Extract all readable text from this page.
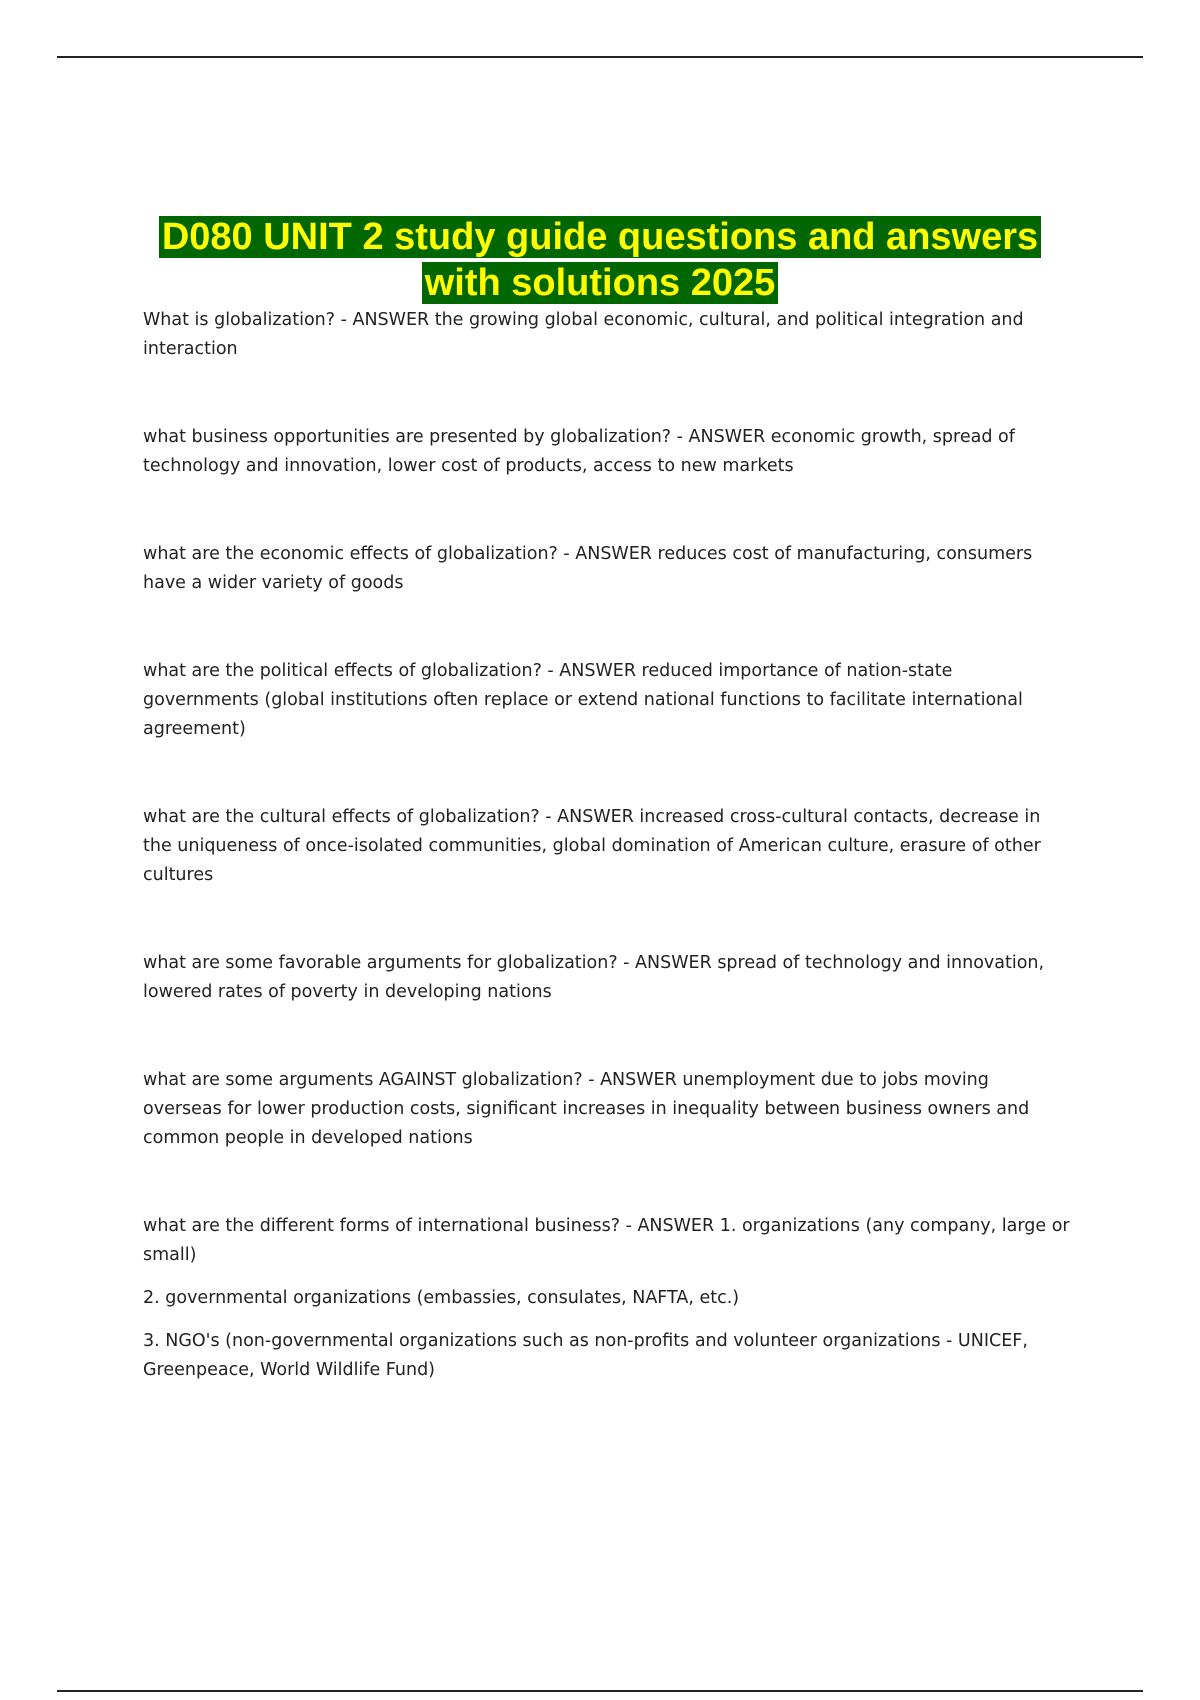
D080 UNIT 2 study guide questions and answers
with solutions 2025

What is globalization? - ANSWER the growing global economic, cultural, and political integration and interaction

what business opportunities are presented by globalization? - ANSWER economic growth, spread of technology and innovation, lower cost of products, access to new markets

what are the economic effects of globalization? - ANSWER reduces cost of manufacturing, consumers have a wider variety of goods

what are the political effects of globalization? - ANSWER reduced importance of nation-state governments (global institutions often replace or extend national functions to facilitate international agreement)

what are the cultural effects of globalization? - ANSWER increased cross-cultural contacts, decrease in the uniqueness of once-isolated communities, global domination of American culture, erasure of other cultures

what are some favorable arguments for globalization? - ANSWER spread of technology and innovation, lowered rates of poverty in developing nations

what are some arguments AGAINST globalization? - ANSWER unemployment due to jobs moving overseas for lower production costs, significant increases in inequality between business owners and common people in developed nations

what are the different forms of international business? - ANSWER 1. organizations (any company, large or small)

2. governmental organizations (embassies, consulates, NAFTA, etc.)

3. NGO's (non-governmental organizations such as non-profits and volunteer organizations - UNICEF, Greenpeace, World Wildlife Fund)
